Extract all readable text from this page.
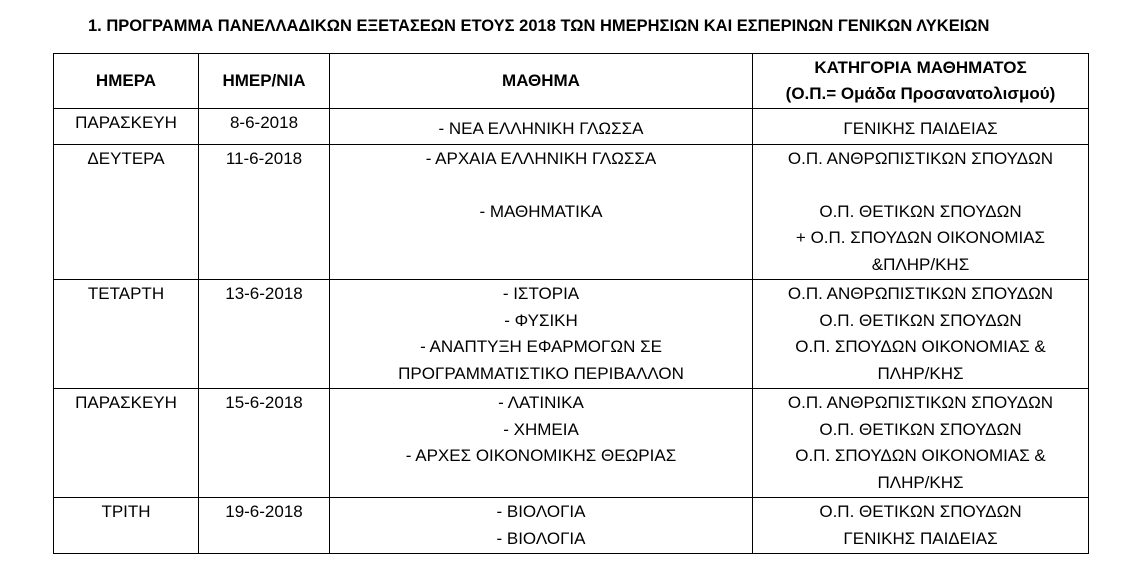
1. ΠΡΟΓΡΑΜΜΑ ΠΑΝΕΛΛΑΔΙΚΩΝ ΕΞΕΤΑΣΕΩΝ ΕΤΟΥΣ 2018 ΤΩΝ ΗΜΕΡΗΣΙΩΝ ΚΑΙ ΕΣΠΕΡΙΝΩΝ ΓΕΝΙΚΩΝ ΛΥΚΕΙΩΝ
ΗΜΕΡΑ	ΗΜΕΡ/ΝΙΑ	ΜΑΘΗΜΑ	ΚΑΤΗΓΟΡΙΑ ΜΑΘΗΜΑΤΟΣ
(Ο.Π.= Ομάδα Προσανατολισμού)

ΠΑΡΑΣΚΕΥΗ	8-6-2018	- ΝΕΑ ΕΛΛΗΝΙΚΗ ΓΛΩΣΣΑ	ΓΕΝΙΚΗΣ ΠΑΙΔΕΙΑΣ

ΔΕΥΤΕΡΑ	11-6-2018	- ΑΡΧΑΙΑ ΕΛΛΗΝΙΚΗ ΓΛΩΣΣΑ
- ΜΑΘΗΜΑΤΙΚΑ	Ο.Π. ΑΝΘΡΩΠΙΣΤΙΚΩΝ ΣΠΟΥΔΩΝ
Ο.Π. ΘΕΤΙΚΩΝ ΣΠΟΥΔΩΝ
+ Ο.Π. ΣΠΟΥΔΩΝ ΟΙΚΟΝΟΜΙΑΣ
&ΠΛΗΡ/ΚΗΣ

ΤΕΤΑΡΤΗ	13-6-2018	- ΙΣΤΟΡΙΑ
- ΦΥΣΙΚΗ
- ΑΝΑΠΤΥΞΗ ΕΦΑΡΜΟΓΩΝ ΣΕ
ΠΡΟΓΡΑΜΜΑΤΙΣΤΙΚΟ ΠΕΡΙΒΑΛΛΟΝ	Ο.Π. ΑΝΘΡΩΠΙΣΤΙΚΩΝ ΣΠΟΥΔΩΝ
Ο.Π. ΘΕΤΙΚΩΝ ΣΠΟΥΔΩΝ
Ο.Π. ΣΠΟΥΔΩΝ ΟΙΚΟΝΟΜΙΑΣ &
ΠΛΗΡ/ΚΗΣ

ΠΑΡΑΣΚΕΥΗ	15-6-2018	- ΛΑΤΙΝΙΚΑ
- ΧΗΜΕΙΑ
- ΑΡΧΕΣ ΟΙΚΟΝΟΜΙΚΗΣ ΘΕΩΡΙΑΣ	Ο.Π. ΑΝΘΡΩΠΙΣΤΙΚΩΝ ΣΠΟΥΔΩΝ
Ο.Π. ΘΕΤΙΚΩΝ ΣΠΟΥΔΩΝ
Ο.Π. ΣΠΟΥΔΩΝ ΟΙΚΟΝΟΜΙΑΣ &
ΠΛΗΡ/ΚΗΣ

ΤΡΙΤΗ	19-6-2018	- ΒΙΟΛΟΓΙΑ
- ΒΙΟΛΟΓΙΑ	Ο.Π. ΘΕΤΙΚΩΝ ΣΠΟΥΔΩΝ
ΓΕΝΙΚΗΣ ΠΑΙΔΕΙΑΣ
